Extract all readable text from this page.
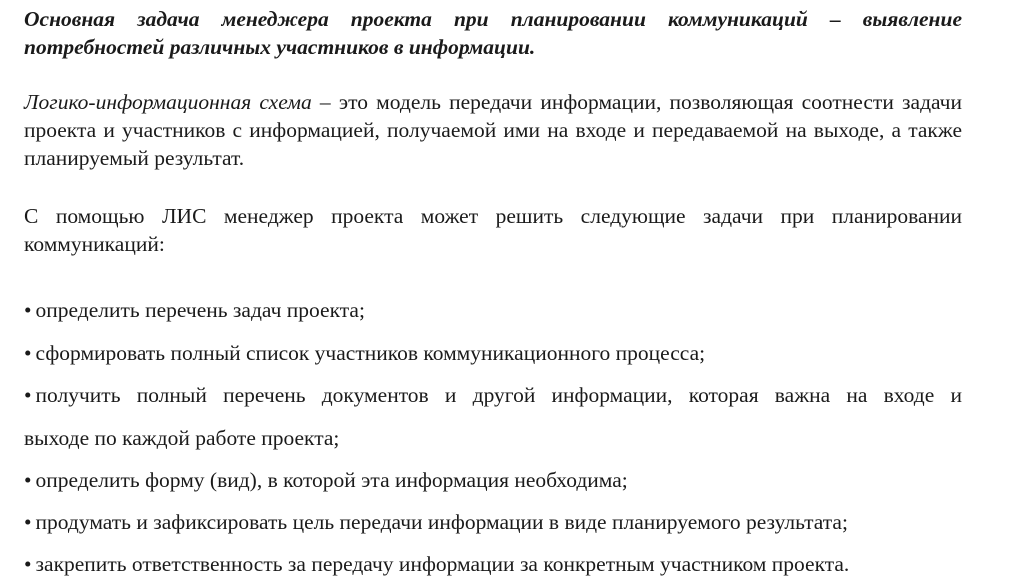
Основная задача менеджера проекта при планировании коммуникаций – выявление потребностей различных участников в информации.

Логико-информационная схема – это модель передачи информации, позволяющая соотнести задачи проекта и участников с информацией, получаемой ими на входе и передаваемой на выходе, а также планируемый результат.

С помощью ЛИС менеджер проекта может решить следующие задачи при планировании коммуникаций:

• определить перечень задач проекта;

• сформировать полный список участников коммуникационного процесса;

• получить полный перечень документов и другой информации, которая важна на входе и

выходе по каждой работе проекта;

• определить форму (вид), в которой эта информация необходима;

• продумать и зафиксировать цель передачи информации в виде планируемого результата;

• закрепить ответственность за передачу информации за конкретным участником проекта.
